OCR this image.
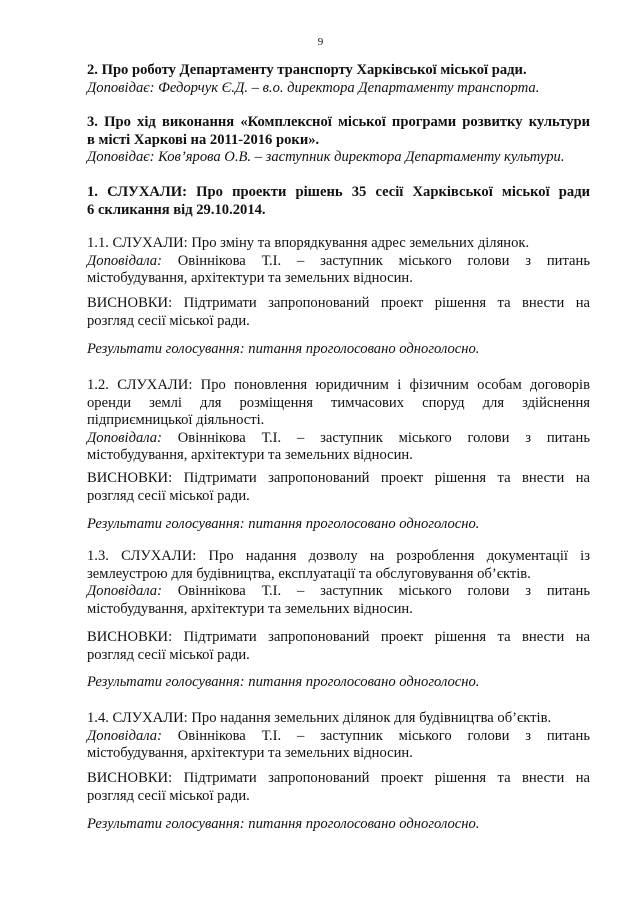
9
2. Про роботу Департаменту транспорту Харківської міської ради.
Доповідає: Федорчук Є.Д. – в.о. директора Департаменту транспорта.
3. Про хід виконання «Комплексної міської програми розвитку культури
в місті Харкові на 2011-2016 роки».
Доповідає: Ков’ярова О.В. – заступник директора Департаменту культури.
1. СЛУХАЛИ: Про проекти рішень 35 сесії Харківської міської ради
6 скликання від 29.10.2014.
1.1. СЛУХАЛИ: Про зміну та впорядкування адрес земельних ділянок.
Доповідала: Овіннікова Т.І. – заступник міського голови з питань
містобудування, архітектури та земельних відносин.
ВИСНОВКИ: Підтримати запропонований проект рішення та внести на
розгляд сесії міської ради.
Результати голосування: питання проголосовано одноголосно.
1.2. СЛУХАЛИ: Про поновлення юридичним і фізичним особам договорів
оренди землі для розміщення тимчасових споруд для здійснення
підприємницької діяльності.
Доповідала: Овіннікова Т.І. – заступник міського голови з питань
містобудування, архітектури та земельних відносин.
ВИСНОВКИ: Підтримати запропонований проект рішення та внести на
розгляд сесії міської ради.
Результати голосування: питання проголосовано одноголосно.
1.3. СЛУХАЛИ: Про надання дозволу на розроблення документації із
землеустрою для будівництва, експлуатації та обслуговування об’єктів.
Доповідала: Овіннікова Т.І. – заступник міського голови з питань
містобудування, архітектури та земельних відносин.
ВИСНОВКИ: Підтримати запропонований проект рішення та внести на
розгляд сесії міської ради.
Результати голосування: питання проголосовано одноголосно.
1.4. СЛУХАЛИ: Про надання земельних ділянок для будівництва об’єктів.
Доповідала: Овіннікова Т.І. – заступник міського голови з питань
містобудування, архітектури та земельних відносин.
ВИСНОВКИ: Підтримати запропонований проект рішення та внести на
розгляд сесії міської ради.
Результати голосування: питання проголосовано одноголосно.
